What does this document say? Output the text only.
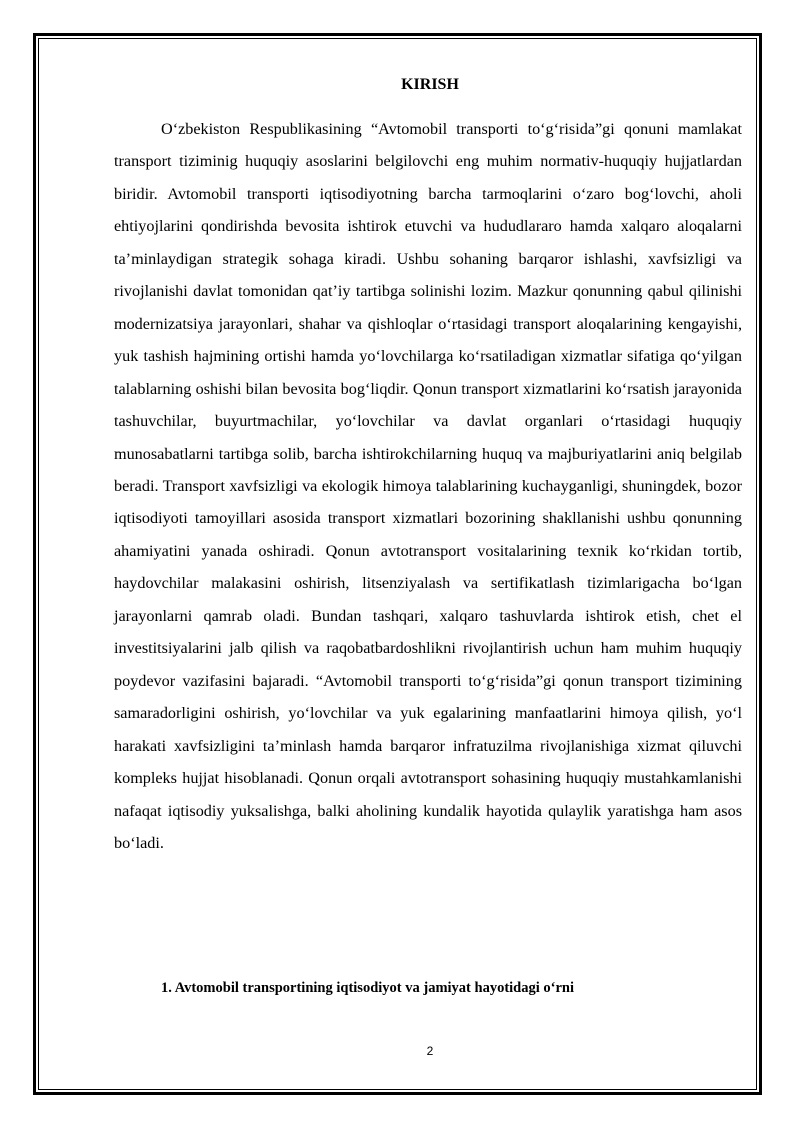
KIRISH
O‘zbekiston Respublikasining “Avtomobil transporti to‘g‘risida”gi qonuni mamlakat transport tiziminig huquqiy asoslarini belgilovchi eng muhim normativ-huquqiy hujjatlardan biridir. Avtomobil transporti iqtisodiyotning barcha tarmoqlarini o‘zaro bog‘lovchi, aholi ehtiyojlarini qondirishda bevosita ishtirok etuvchi va hududlararo hamda xalqaro aloqalarni ta’minlaydigan strategik sohaga kiradi. Ushbu sohaning barqaror ishlashi, xavfsizligi va rivojlanishi davlat tomonidan qat’iy tartibga solinishi lozim. Mazkur qonunning qabul qilinishi modernizatsiya jarayonlari, shahar va qishloqlar o‘rtasidagi transport aloqalarining kengayishi, yuk tashish hajmining ortishi hamda yo‘lovchilarga ko‘rsatiladigan xizmatlar sifatiga qo‘yilgan talablarning oshishi bilan bevosita bog‘liqdir. Qonun transport xizmatlarini ko‘rsatish jarayonida tashuvchilar, buyurtmachilar, yo‘lovchilar va davlat organlari o‘rtasidagi huquqiy munosabatlarni tartibga solib, barcha ishtirokchilarning huquq va majburiyatlarini aniq belgilab beradi. Transport xavfsizligi va ekologik himoya talablarining kuchayganligi, shuningdek, bozor iqtisodiyoti tamoyillari asosida transport xizmatlari bozorining shakllanishi ushbu qonunning ahamiyatini yanada oshiradi. Qonun avtotransport vositalarining texnik ko‘rkidan tortib, haydovchilar malakasini oshirish, litsenziyalash va sertifikatlash tizimlarigacha bo‘lgan jarayonlarni qamrab oladi. Bundan tashqari, xalqaro tashuvlarda ishtirok etish, chet el investitsiyalarini jalb qilish va raqobatbardoshlikni rivojlantirish uchun ham muhim huquqiy poydevor vazifasini bajaradi. “Avtomobil transporti to‘g‘risida”gi qonun transport tizimining samaradorligini oshirish, yo‘lovchilar va yuk egalarining manfaatlarini himoya qilish, yo‘l harakati xavfsizligini ta’minlash hamda barqaror infratuzilma rivojlanishiga xizmat qiluvchi kompleks hujjat hisoblanadi. Qonun orqali avtotransport sohasining huquqiy mustahkamlanishi nafaqat iqtisodiy yuksalishga, balki aholining kundalik hayotida qulaylik yaratishga ham asos bo‘ladi.
1. Avtomobil transportining iqtisodiyot va jamiyat hayotidagi o‘rni
2
